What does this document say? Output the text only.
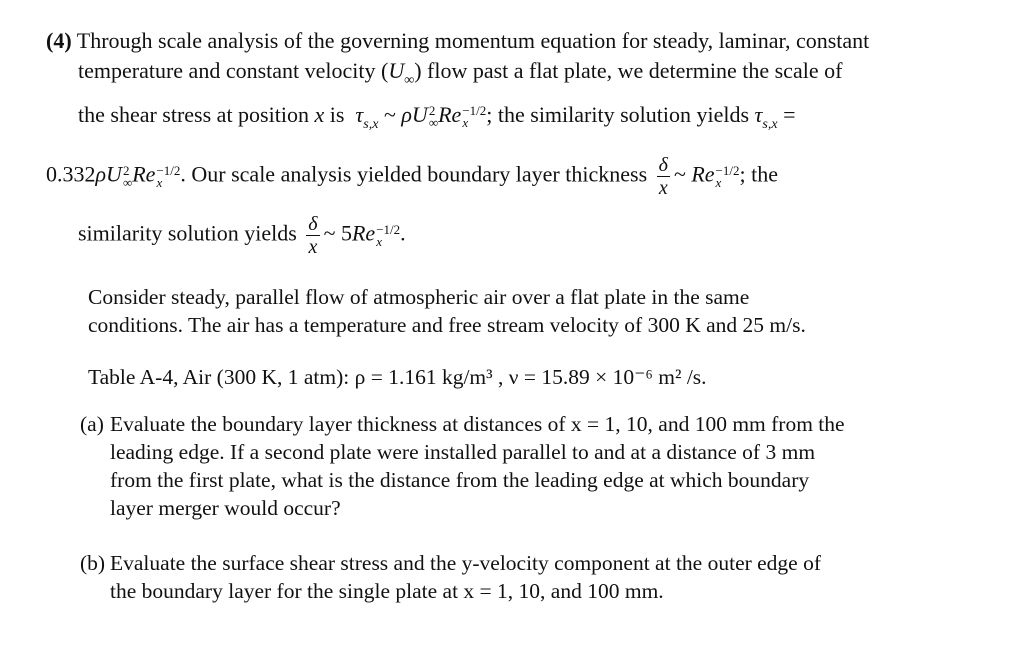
(4) Through scale analysis of the governing momentum equation for steady, laminar, constant
temperature and constant velocity $(U_\infty)$ flow past a flat plate, we determine the scale of
the shear stress at position x is  $\tau_{s,x}$ ~ ρU 2
∞ Re −1/2
x ; the similarity solution yields $\tau_{s,x}$ =
0.332ρU 2
∞ Re −1/2
x . Our scale analysis yielded boundary layer thickness $\frac{\delta}{x}$ ~ Re −1/2
x ; the
similarity solution yields $\frac{\delta}{x}$ ~ 5Re −1/2
x .
Consider steady, parallel flow of atmospheric air over a flat plate in the same
conditions. The air has a temperature and free stream velocity of 300 K and 25 m/s.
Table A-4, Air (300 K, 1 atm): ρ = 1.161 kg/m³ , ν = 15.89 × 10⁻⁶ m² /s.
(a) Evaluate the boundary layer thickness at distances of x = 1, 10, and 100 mm from the
leading edge. If a second plate were installed parallel to and at a distance of 3 mm
from the first plate, what is the distance from the leading edge at which boundary
layer merger would occur?
(b) Evaluate the surface shear stress and the y-velocity component at the outer edge of
the boundary layer for the single plate at x = 1, 10, and 100 mm.
